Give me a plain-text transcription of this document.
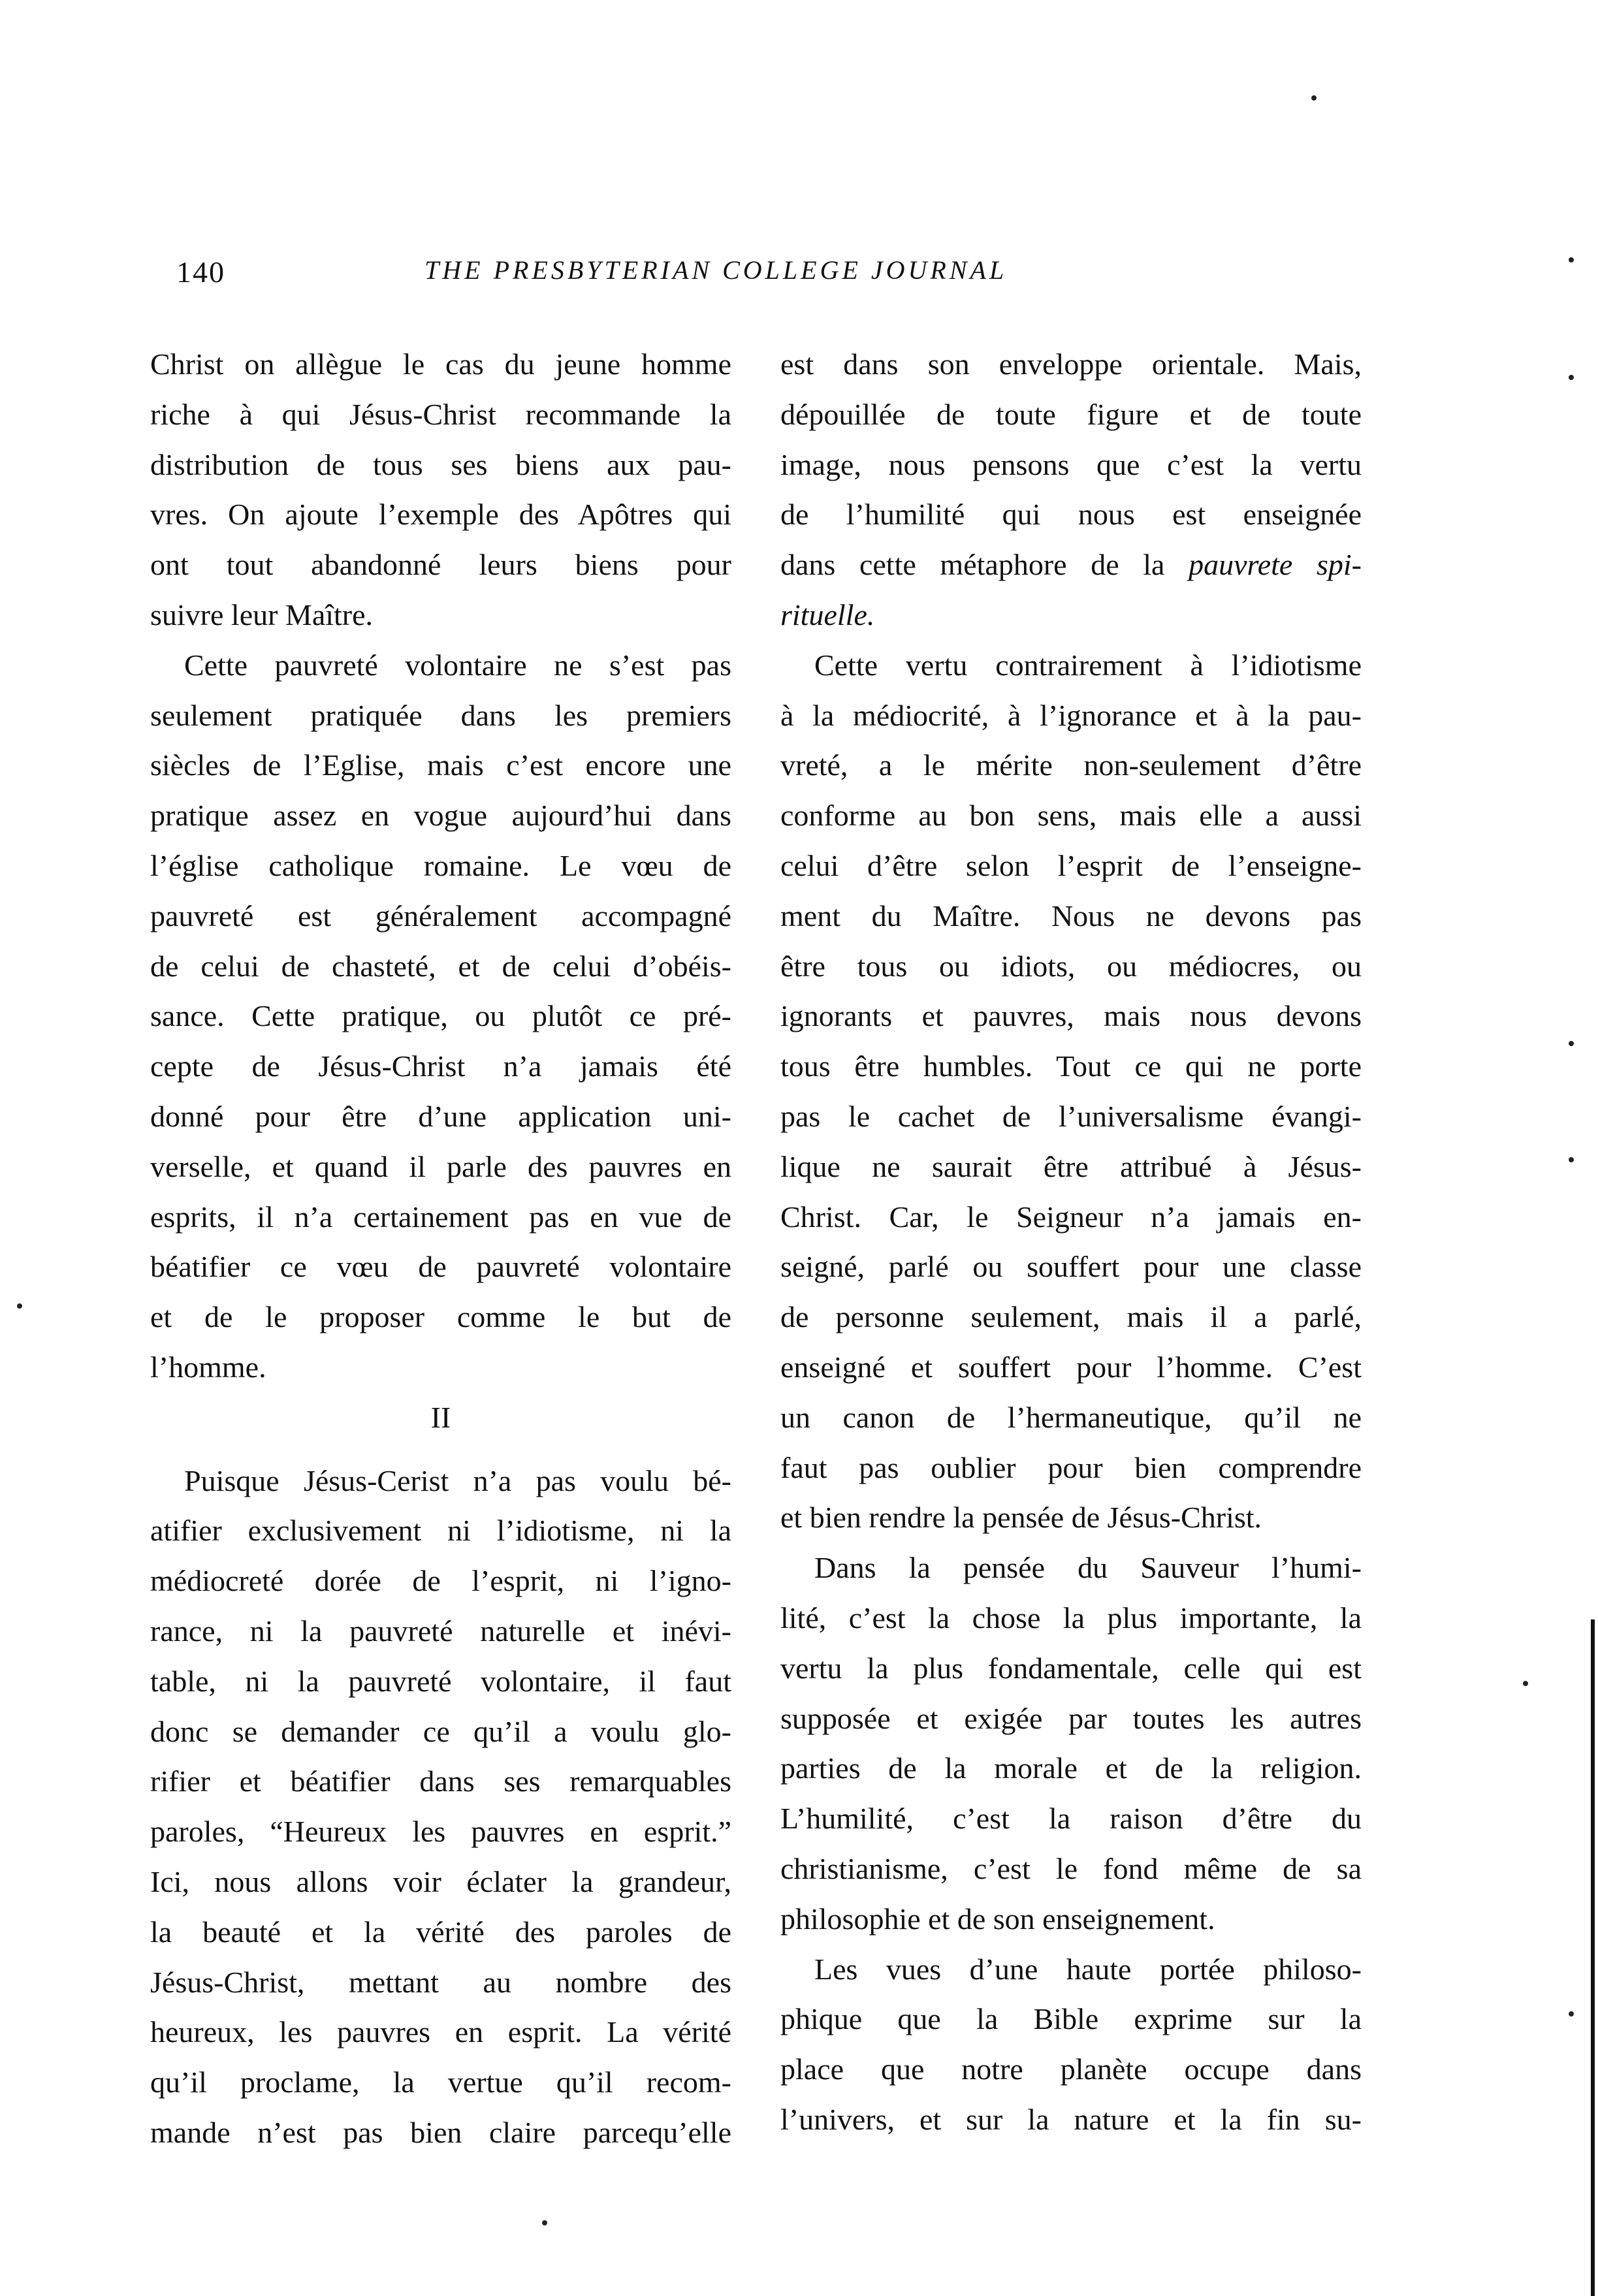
140	THE PRESBYTERIAN COLLEGE JOURNAL
Christ on allègue le cas du jeune homme
riche à qui Jésus-Christ recommande la
distribution de tous ses biens aux pau-
vres. On ajoute l’exemple des Apôtres qui
ont tout abandonné leurs biens pour
suivre leur Maître.
Cette pauvreté volontaire ne s’est pas
seulement pratiquée dans les premiers
siècles de l’Eglise, mais c’est encore une
pratique assez en vogue aujourd’hui dans
l’église catholique romaine. Le vœu de
pauvreté est généralement accompagné
de celui de chasteté, et de celui d’obéis-
sance. Cette pratique, ou plutôt ce pré-
cepte de Jésus-Christ n’a jamais été
donné pour être d’une application uni-
verselle, et quand il parle des pauvres en
esprits, il n’a certainement pas en vue de
béatifier ce vœu de pauvreté volontaire
et de le proposer comme le but de
l’homme.
II
Puisque Jésus-Cerist n’a pas voulu bé-
atifier exclusivement ni l’idiotisme, ni la
médiocreté dorée de l’esprit, ni l’igno-
rance, ni la pauvreté naturelle et inévi-
table, ni la pauvreté volontaire, il faut
donc se demander ce qu’il a voulu glo-
rifier et béatifier dans ses remarquables
paroles, “Heureux les pauvres en esprit.”
Ici, nous allons voir éclater la grandeur,
la beauté et la vérité des paroles de
Jésus-Christ, mettant au nombre des
heureux, les pauvres en esprit. La vérité
qu’il proclame, la vertue qu’il recom-
mande n’est pas bien claire parcequ’elle
est dans son enveloppe orientale. Mais,
dépouillée de toute figure et de toute
image, nous pensons que c’est la vertu
de l’humilité qui nous est enseignée
dans cette métaphore de la pauvrete spi-
rituelle.
Cette vertu contrairement à l’idiotisme
à la médiocrité, à l’ignorance et à la pau-
vreté, a le mérite non-seulement d’être
conforme au bon sens, mais elle a aussi
celui d’être selon l’esprit de l’enseigne-
ment du Maître. Nous ne devons pas
être tous ou idiots, ou médiocres, ou
ignorants et pauvres, mais nous devons
tous être humbles. Tout ce qui ne porte
pas le cachet de l’universalisme évangi-
lique ne saurait être attribué à Jésus-
Christ. Car, le Seigneur n’a jamais en-
seigné, parlé ou souffert pour une classe
de personne seulement, mais il a parlé,
enseigné et souffert pour l’homme. C’est
un canon de l’hermaneutique, qu’il ne
faut pas oublier pour bien comprendre
et bien rendre la pensée de Jésus-Christ.
Dans la pensée du Sauveur l’humi-
lité, c’est la chose la plus importante, la
vertu la plus fondamentale, celle qui est
supposée et exigée par toutes les autres
parties de la morale et de la religion.
L’humilité, c’est la raison d’être du
christianisme, c’est le fond même de sa
philosophie et de son enseignement.
Les vues d’une haute portée philoso-
phique que la Bible exprime sur la
place que notre planète occupe dans
l’univers, et sur la nature et la fin su-
